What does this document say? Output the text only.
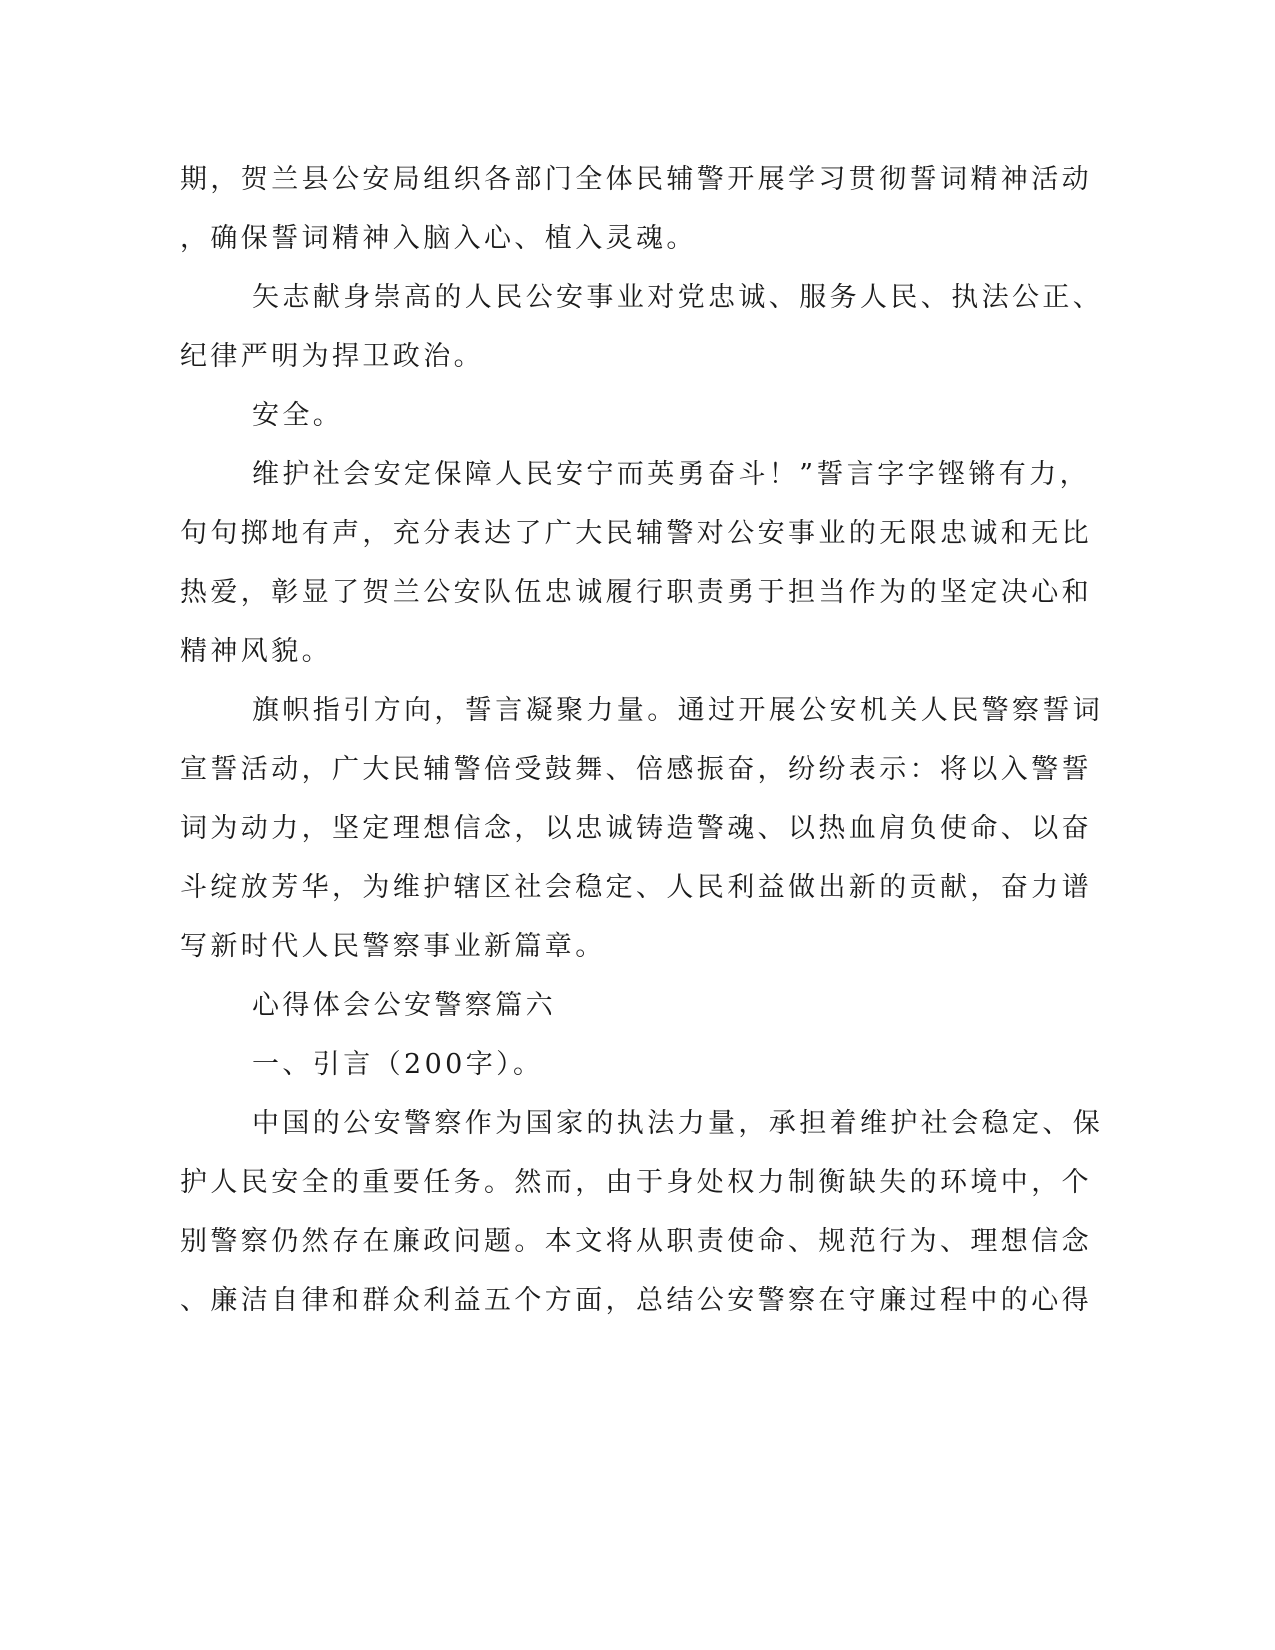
期，贺兰县公安局组织各部门全体民辅警开展学习贯彻誓词精神活动
，确保誓词精神入脑入心、植入灵魂。
矢志献身崇高的人民公安事业对党忠诚、服务人民、执法公正、
纪律严明为捍卫政治。
安全。
维护社会安定保障人民安宁而英勇奋斗！”誓言字字铿锵有力，
句句掷地有声，充分表达了广大民辅警对公安事业的无限忠诚和无比
热爱，彰显了贺兰公安队伍忠诚履行职责勇于担当作为的坚定决心和
精神风貌。
旗帜指引方向，誓言凝聚力量。通过开展公安机关人民警察誓词
宣誓活动，广大民辅警倍受鼓舞、倍感振奋，纷纷表示：将以入警誓
词为动力，坚定理想信念，以忠诚铸造警魂、以热血肩负使命、以奋
斗绽放芳华，为维护辖区社会稳定、人民利益做出新的贡献，奋力谱
写新时代人民警察事业新篇章。
心得体会公安警察篇六
一、引言（200字）。
中国的公安警察作为国家的执法力量，承担着维护社会稳定、保
护人民安全的重要任务。然而，由于身处权力制衡缺失的环境中，个
别警察仍然存在廉政问题。本文将从职责使命、规范行为、理想信念
、廉洁自律和群众利益五个方面，总结公安警察在守廉过程中的心得
